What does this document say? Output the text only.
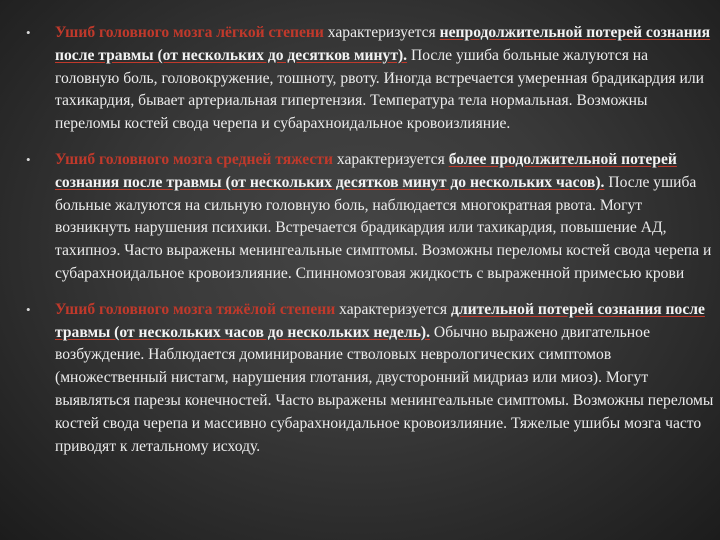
• Ушиб головного мозга лёгкой степени характеризуется непродолжительной потерей сознания после травмы (от нескольких до десятков минут). После ушиба больные жалуются на головную боль, головокружение, тошноту, рвоту. Иногда встречается умеренная брадикардия или тахикардия, бывает артериальная гипертензия. Температура тела нормальная. Возможны переломы костей свода черепа и субарахноидальное кровоизлияние.
• Ушиб головного мозга средней тяжести характеризуется более продолжительной потерей сознания после травмы (от нескольких десятков минут до нескольких часов). После ушиба больные жалуются на сильную головную боль, наблюдается многократная рвота. Могут возникнуть нарушения психики. Встречается брадикардия или тахикардия, повышение АД, тахипноэ. Часто выражены менингеальные симптомы. Возможны переломы костей свода черепа и субарахноидальное кровоизлияние. Спинномозговая жидкость с выраженной примесью крови
• Ушиб головного мозга тяжёлой степени характеризуется длительной потерей сознания после травмы (от нескольких часов до нескольких недель). Обычно выражено двигательное возбуждение. Наблюдается доминирование стволовых неврологических симптомов (множественный нистагм, нарушения глотания, двусторонний мидриаз или миоз). Могут выявляться парезы конечностей. Часто выражены менингеальные симптомы. Возможны переломы костей свода черепа и массивно субарахноидальное кровоизлияние. Тяжелые ушибы мозга часто приводят к летальному исходу.
